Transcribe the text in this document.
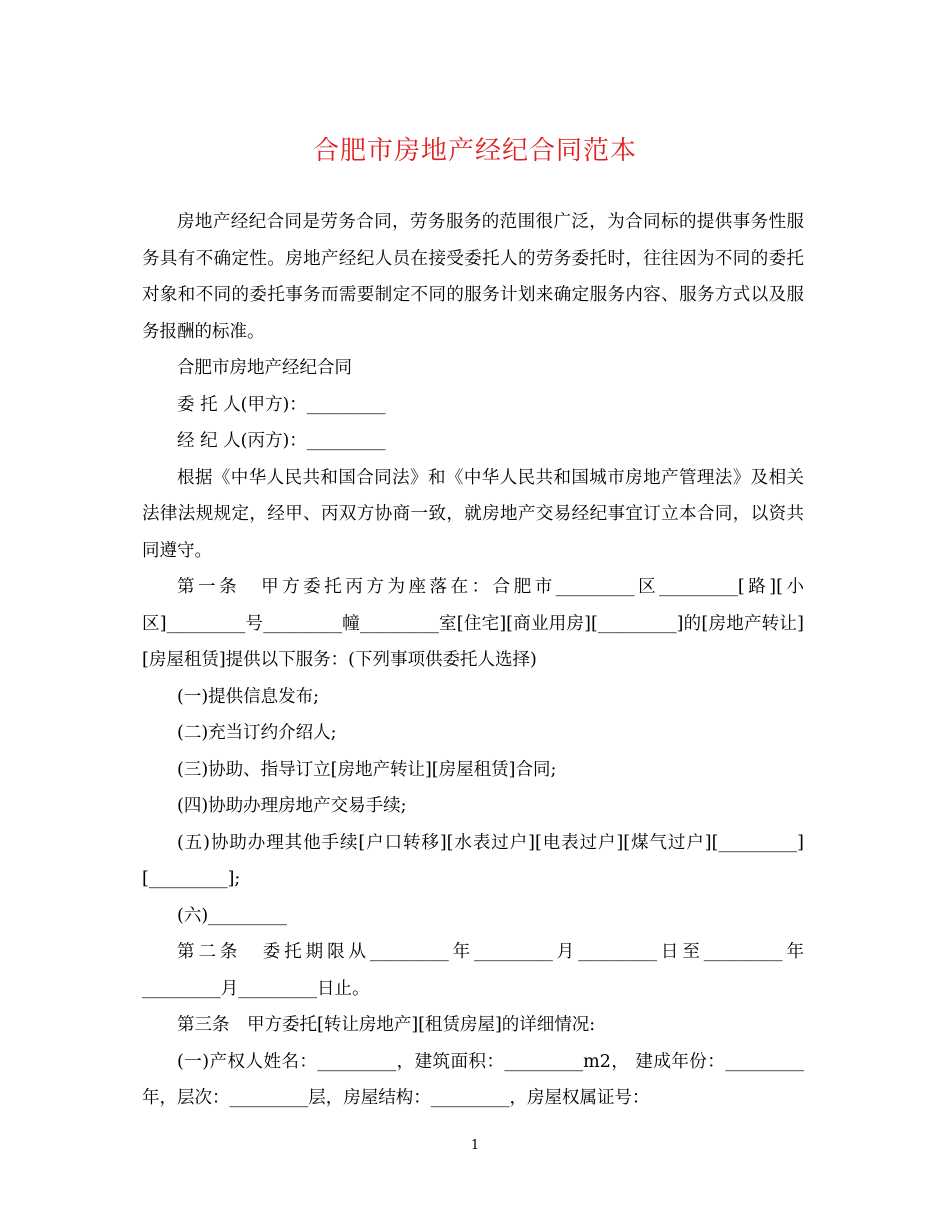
合肥市房地产经纪合同范本

房地产经纪合同是劳务合同，劳务服务的范围很广泛，为合同标的提供事务性服务具有不确定性。房地产经纪人员在接受委托人的劳务委托时，往往因为不同的委托对象和不同的委托事务而需要制定不同的服务计划来确定服务内容、服务方式以及服务报酬的标准。

合肥市房地产经纪合同

委 托 人(甲方)：_________

经 纪 人(丙方)：_________

根据《中华人民共和国合同法》和《中华人民共和国城市房地产管理法》及相关法律法规规定，经甲、丙双方协商一致，就房地产交易经纪事宜订立本合同，以资共同遵守。

第一条　甲方委托丙方为座落在：合肥市_________区_________[路][小区]_________号_________幢_________室[住宅][商业用房][_________]的[房地产转让][房屋租赁]提供以下服务：(下列事项供委托人选择)

(一)提供信息发布;

(二)充当订约介绍人;

(三)协助、指导订立[房地产转让][房屋租赁]合同;

(四)协助办理房地产交易手续;

(五)协助办理其他手续[户口转移][水表过户][电表过户][煤气过户][_________][_________];

(六)_________

第二条　委托期限从_________年_________月_________日至_________年_________月_________日止。

第三条　甲方委托[转让房地产][租赁房屋]的详细情况:

(一)产权人姓名：_________，建筑面积：_________m2， 建成年份：_________年，层次：_________层，房屋结构：_________，房屋权属证号：

1
